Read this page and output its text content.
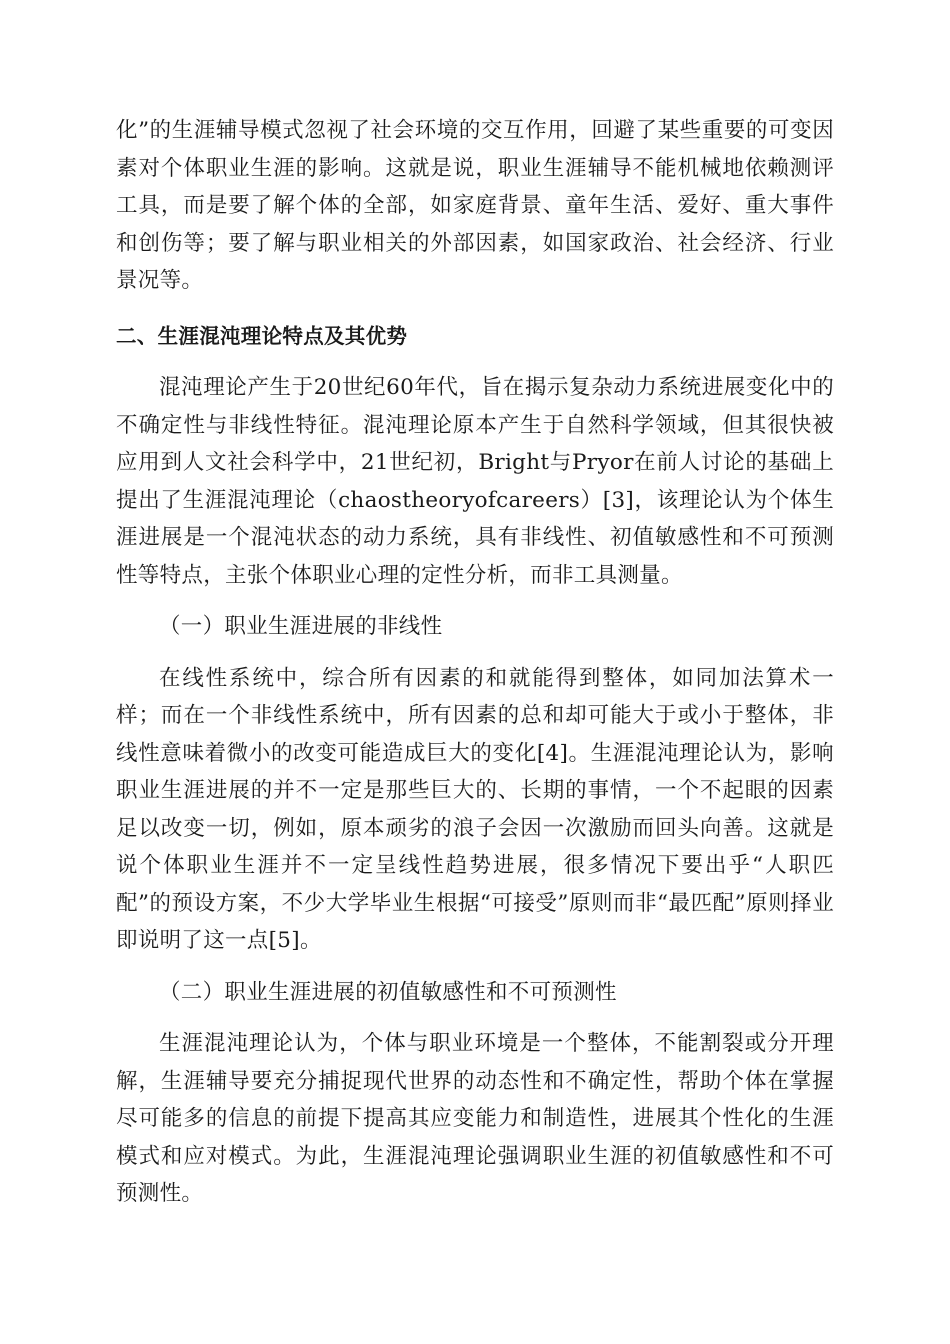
化”的生涯辅导模式忽视了社会环境的交互作用，回避了某些重要的可变因素对个体职业生涯的影响。这就是说，职业生涯辅导不能机械地依赖测评工具，而是要了解个体的全部，如家庭背景、童年生活、爱好、重大事件和创伤等；要了解与职业相关的外部因素，如国家政治、社会经济、行业景况等。

二、生涯混沌理论特点及其优势

混沌理论产生于20世纪60年代，旨在揭示复杂动力系统进展变化中的不确定性与非线性特征。混沌理论原本产生于自然科学领域，但其很快被应用到人文社会科学中，21世纪初，Bright与Pryor在前人讨论的基础上提出了生涯混沌理论（chaostheoryofcareers）[3]，该理论认为个体生涯进展是一个混沌状态的动力系统，具有非线性、初值敏感性和不可预测性等特点，主张个体职业心理的定性分析，而非工具测量。

（一）职业生涯进展的非线性

在线性系统中，综合所有因素的和就能得到整体，如同加法算术一样；而在一个非线性系统中，所有因素的总和却可能大于或小于整体，非线性意味着微小的改变可能造成巨大的变化[4]。生涯混沌理论认为，影响职业生涯进展的并不一定是那些巨大的、长期的事情，一个不起眼的因素足以改变一切，例如，原本顽劣的浪子会因一次激励而回头向善。这就是说个体职业生涯并不一定呈线性趋势进展，很多情况下要出乎“人职匹配”的预设方案，不少大学毕业生根据“可接受”原则而非“最匹配”原则择业即说明了这一点[5]。

（二）职业生涯进展的初值敏感性和不可预测性

生涯混沌理论认为，个体与职业环境是一个整体，不能割裂或分开理解，生涯辅导要充分捕捉现代世界的动态性和不确定性，帮助个体在掌握尽可能多的信息的前提下提高其应变能力和制造性，进展其个性化的生涯模式和应对模式。为此，生涯混沌理论强调职业生涯的初值敏感性和不可预测性。
